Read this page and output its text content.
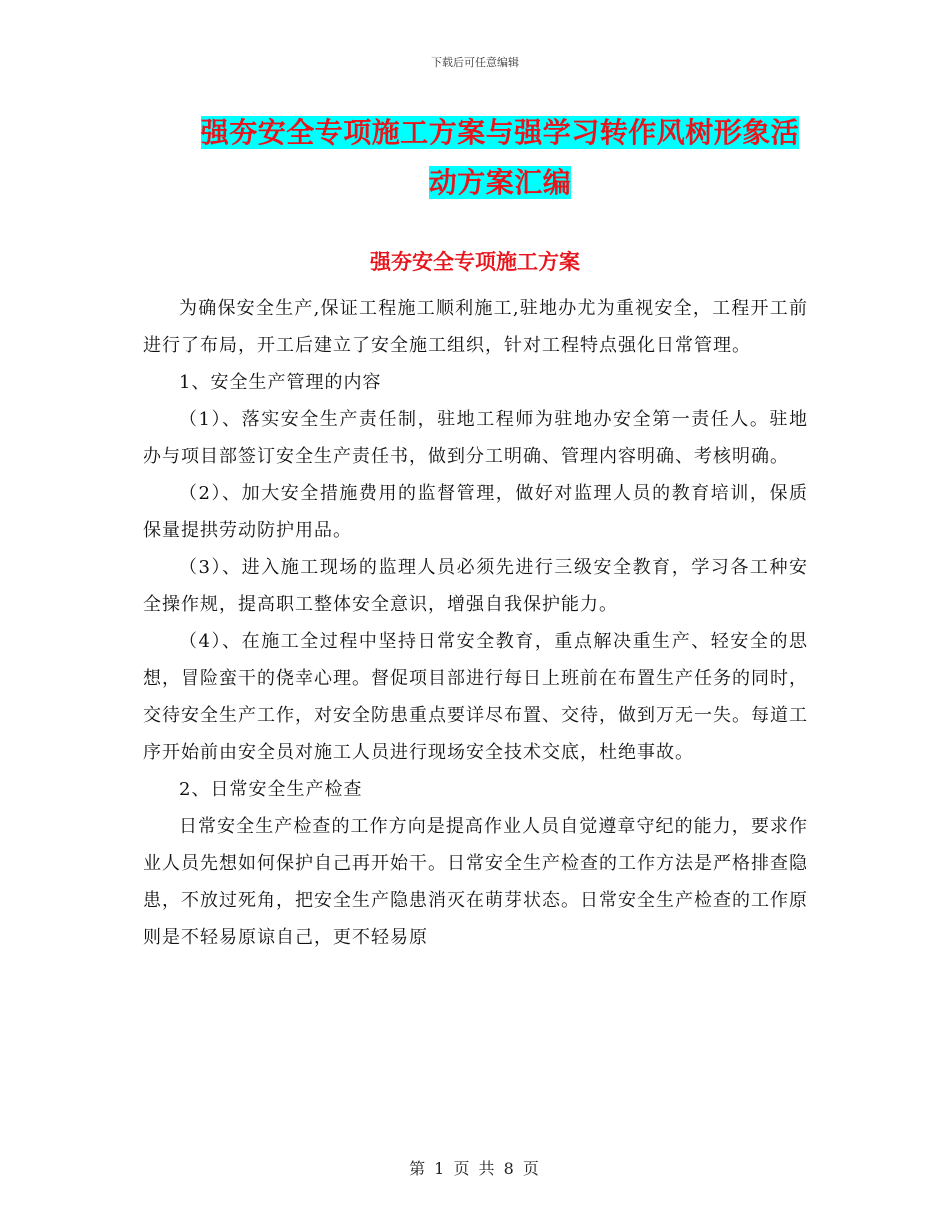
下载后可任意编辑
强夯安全专项施工方案与强学习转作风树形象活动方案汇编
强夯安全专项施工方案

为确保安全生产,保证工程施工顺利施工,驻地办尤为重视安全，工程开工前进行了布局，开工后建立了安全施工组织，针对工程特点强化日常管理。

1、安全生产管理的内容

（1）、落实安全生产责任制，驻地工程师为驻地办安全第一责任人。驻地办与项目部签订安全生产责任书，做到分工明确、管理内容明确、考核明确。

（2）、加大安全措施费用的监督管理，做好对监理人员的教育培训，保质保量提拱劳动防护用品。

（3）、进入施工现场的监理人员必须先进行三级安全教育，学习各工种安全操作规，提高职工整体安全意识，增强自我保护能力。

（4）、在施工全过程中坚持日常安全教育，重点解决重生产、轻安全的思想，冒险蛮干的侥幸心理。督促项目部进行每日上班前在布置生产任务的同时，交待安全生产工作，对安全防患重点要详尽布置、交待，做到万无一失。每道工序开始前由安全员对施工人员进行现场安全技术交底，杜绝事故。

2、日常安全生产检查

日常安全生产检查的工作方向是提高作业人员自觉遵章守纪的能力，要求作业人员先想如何保护自己再开始干。日常安全生产检查的工作方法是严格排查隐患，不放过死角，把安全生产隐患消灭在萌芽状态。日常安全生产检查的工作原则是不轻易原谅自己，更不轻易原

第 1 页 共 8 页
